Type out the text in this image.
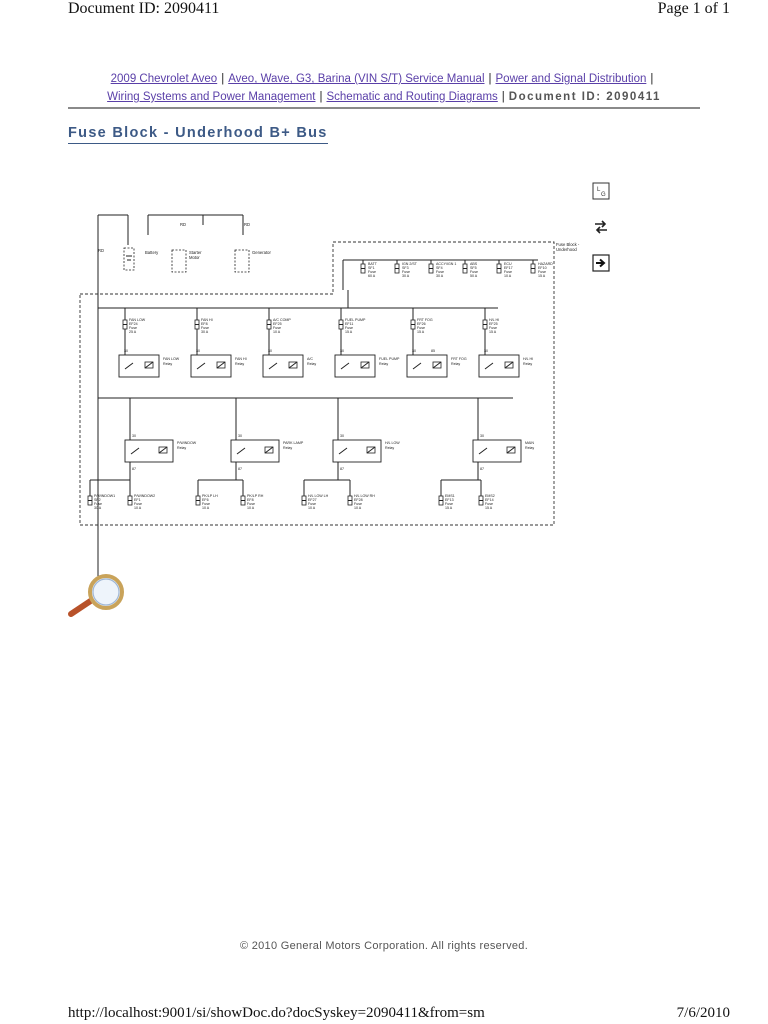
Document ID: 2090411	Page 1 of 1
2009 Chevrolet Aveo | Aveo, Wave, G3, Barina (VIN S/T) Service Manual | Power and Signal Distribution |
Wiring Systems and Power Management | Schematic and Routing Diagrams | Document ID: 2090411
Fuse Block - Underhood B+ Bus
L
G
RD
RD	RD
Battery	Starter
Motor
Generator
Fuse Block -
Underhood
BATT
SF1
Fuse
60 A
IGN 2/ST
SF3
Fuse
30 A
ACCY/IGN 1
SF4
Fuse
30 A
ABS
SF5
Fuse
50 A
ECU
EF17
Fuse
10 A
HAZARD
EF10
Fuse
15 A
FAN LOW
EF24
Fuse
25 A
30
FAN LOW
Relay
FAN HI
EF8
Fuse
30 A
30
FAN HI
Relay
A/C COMP
EF25
Fuse
10 A
30
A/C
Relay
FUEL PUMP
EF11
Fuse
15 A
30
FUEL PUMP
Relay
FRT FOG
EF26
Fuse
15 A
30	85
FRT FOG
Relay
H/L HI
EF25
Fuse
15 A
30
H/L HI
Relay
30
P/WINDOW
Relay
87
30
PARK LAMP
Relay
87
30
H/L LOW
Relay
87
30
MAIN
Relay
87
P/WINDOW1
SF2
Fuse
30 A
P/WINDOW2
EF1
Fuse
10 A
PK/LP LH
EF6
Fuse
10 A
PK/LP RH
EF8
Fuse
10 A
H/L LOW LH
EF27
Fuse
10 A
H/L LOW RH
EF28
Fuse
10 A
EMS1
EF13
Fuse
15 A
EMS2
EF14
Fuse
15 A
© 2010 General Motors Corporation. All rights reserved.
http://localhost:9001/si/showDoc.do?docSyskey=2090411&from=sm	7/6/2010
